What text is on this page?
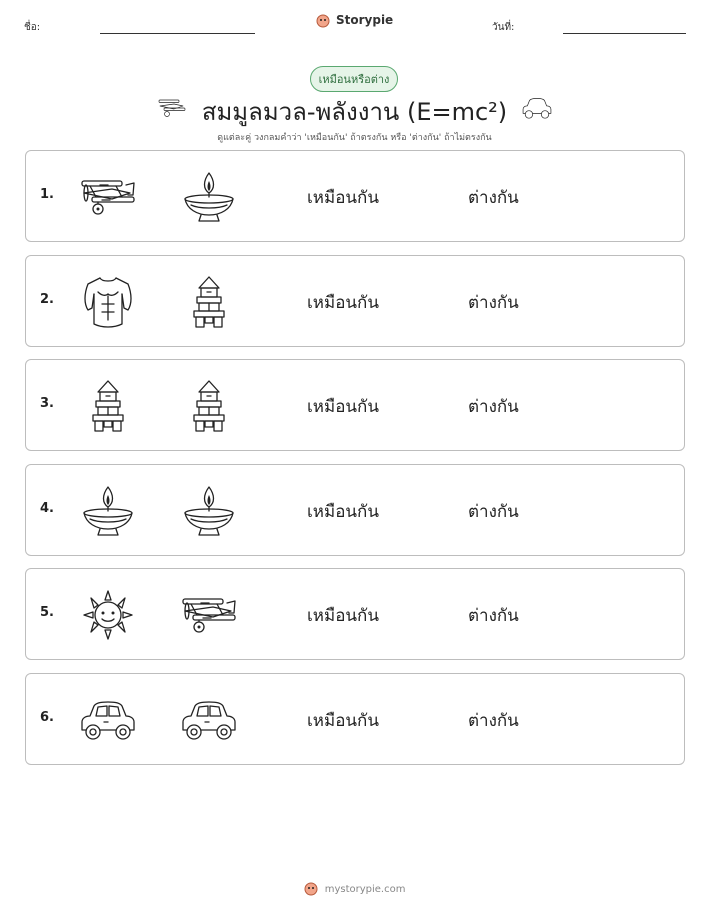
ชื่อ:
Storypie
วันที่:
เหมือนหรือต่าง
สมมูลมวล-พลังงาน (E=mc²)
ดูแต่ละคู่ วงกลมคำว่า 'เหมือนกัน' ถ้าตรงกัน หรือ 'ต่างกัน' ถ้าไม่ตรงกัน
1.	เหมือนกัน	ต่างกัน
2.	เหมือนกัน	ต่างกัน
3.	เหมือนกัน	ต่างกัน
4.	เหมือนกัน	ต่างกัน
5.	เหมือนกัน	ต่างกัน
6.	เหมือนกัน	ต่างกัน
mystorypie.com
